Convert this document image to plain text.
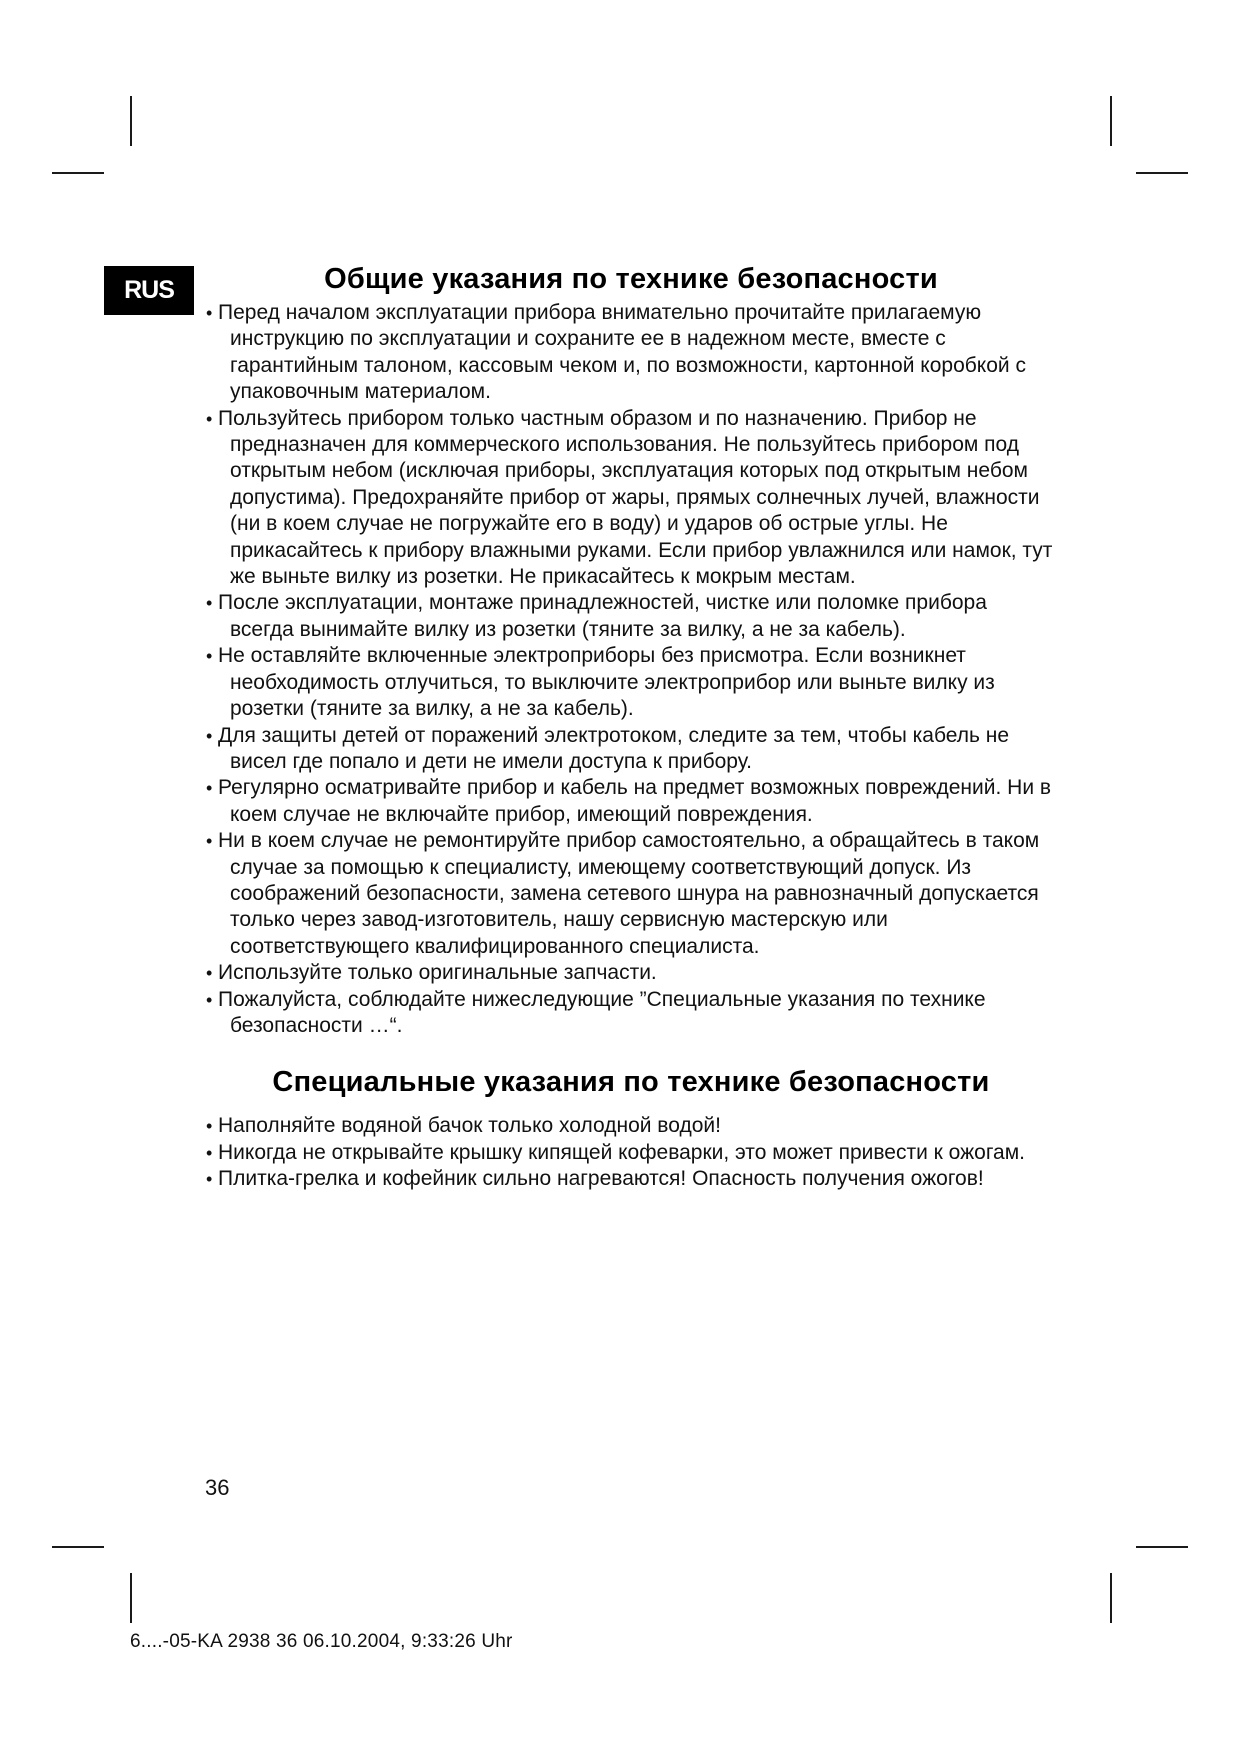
RUS	Общие указания по технике безопасности
• Перед началом эксплуатации прибора внимательно прочитайте прилагаемую инструкцию по эксплуатации и сохраните ее в надежном месте, вместе с гарантийным талоном, кассовым чеком и, по возможности, картонной коробкой с упаковочным материалом.
• Пользуйтесь прибором только частным образом и по назначению. Прибор не предназначен для коммерческого использования. Не пользуйтесь прибором под открытым небом (исключая приборы, эксплуатация которых под открытым небом допустима). Предохраняйте прибор от жары, прямых солнечных лучей, влажности (ни в коем случае не погружайте его в воду) и ударов об острые углы. Не прикасайтесь к прибору влажными руками. Если прибор увлажнился или намок, тут же выньте вилку из розетки. Не прикасайтесь к мокрым местам.
• После эксплуатации, монтаже принадлежностей, чистке или поломке прибора всегда вынимайте вилку из розетки (тяните за вилку, а не за кабель).
• Не оставляйте включенные электроприборы без присмотра. Если возникнет необходимость отлучиться, то выключите электроприбор или выньте вилку из розетки (тяните за вилку, а не за кабель).
• Для защиты детей от поражений электротоком, следите за тем, чтобы кабель не висел где попало и дети не имели доступа к прибору.
• Регулярно осматривайте прибор и кабель на предмет возможных повреждений. Ни в коем случае не включайте прибор, имеющий повреждения.
• Ни в коем случае не ремонтируйте прибор самостоятельно, а обращайтесь в таком случае за помощью к специалисту, имеющему соответствующий допуск. Из соображений безопасности, замена сетевого шнура на равнозначный допускается только через завод-изготовитель, нашу сервисную мастерскую или соответствующего квалифицированного специалиста.
• Используйте только оригинальные запчасти.
• Пожалуйста, соблюдайте нижеследующие ”Специальные указания по технике безопасности …“.
Специальные указания по технике безопасности
• Наполняйте водяной бачок только холодной водой!
• Никогда не открывайте крышку кипящей кофеварки, это может привести к ожогам.
• Плитка-грелка и кофейник сильно нагреваются! Опасность получения ожогов!
36
6....-05-KA 2938 36 06.10.2004, 9:33:26 Uhr
